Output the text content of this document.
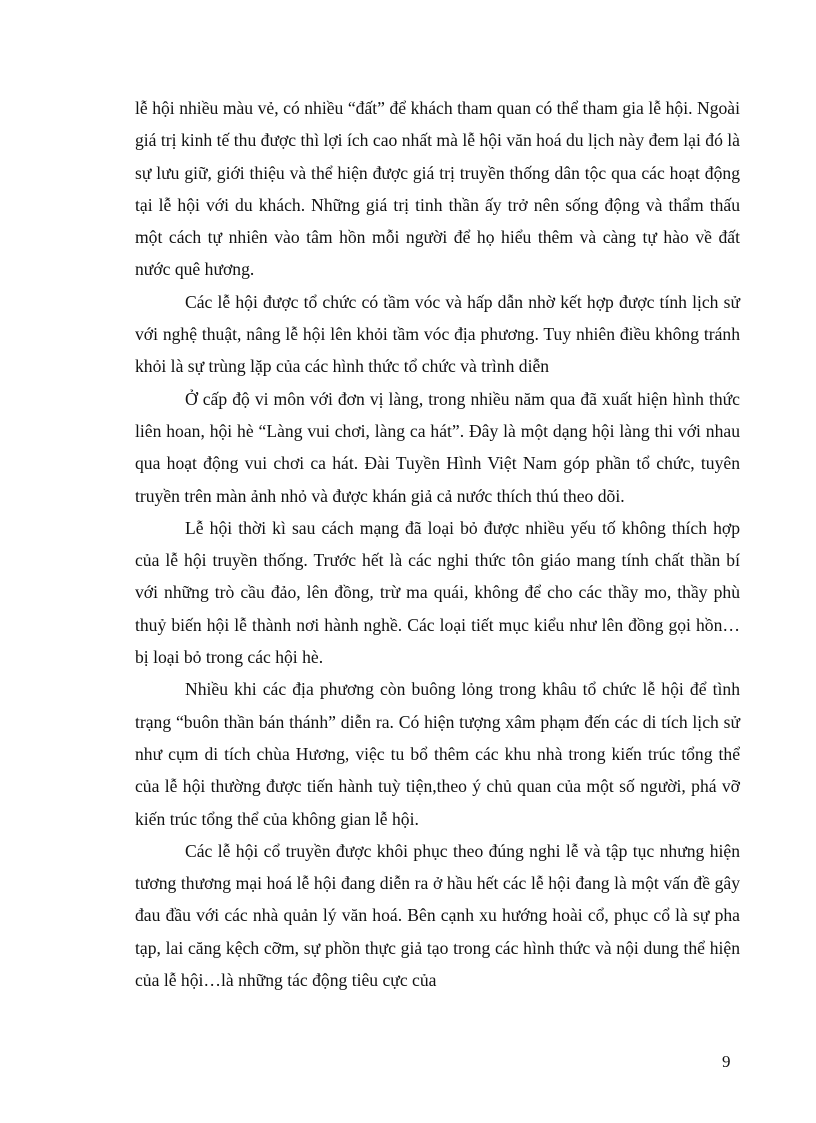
lễ hội nhiều màu vẻ, có nhiều “đất” để khách tham quan có thể tham gia lễ hội. Ngoài giá trị kinh tế thu được thì lợi ích cao nhất mà lễ hội văn hoá du lịch này đem lại đó là sự lưu giữ, giới thiệu và thể hiện được giá trị truyền thống dân tộc qua các hoạt động tại lễ hội với du khách. Những giá trị tinh thần ấy trở nên sống động và thẩm thấu một cách tự nhiên vào tâm hồn mỗi người để họ hiểu thêm và càng tự hào về đất nước quê hương.

Các lễ hội được tổ chức có tầm vóc và hấp dẫn nhờ kết hợp được tính lịch sử với nghệ thuật, nâng lễ hội lên khỏi tầm vóc địa phương. Tuy nhiên điều không tránh khỏi là sự trùng lặp của các hình thức tổ chức và trình diễn

Ở cấp độ vi môn với đơn vị làng, trong nhiều năm qua đã xuất hiện hình thức liên hoan, hội hè “Làng vui chơi, làng ca hát”. Đây là một dạng hội làng thi với nhau qua hoạt động vui chơi ca hát. Đài Tuyền Hình Việt Nam góp phần tổ chức, tuyên truyền trên màn ảnh nhỏ và được khán giả cả nước thích thú theo dõi.

Lễ hội thời kì sau cách mạng đã loại bỏ được nhiều yếu tố không thích hợp của lễ hội truyền thống. Trước hết là các nghi thức tôn giáo mang tính chất thần bí với những trò cầu đảo, lên đồng, trừ ma quái, không để cho các thầy mo, thầy phù thuỷ biến hội lễ thành nơi hành nghề. Các loại tiết mục kiểu như lên đồng gọi hồn…bị loại bỏ trong các hội hè.

Nhiều khi các địa phương còn buông lỏng trong khâu tổ chức lễ hội để tình trạng “buôn thần bán thánh” diễn ra. Có hiện tượng xâm phạm đến các di tích lịch sử như cụm di tích chùa Hương, việc tu bổ thêm các khu nhà trong kiến trúc tổng thể của lễ hội thường được tiến hành tuỳ tiện,theo ý chủ quan của một số người, phá vỡ kiến trúc tổng thể của không gian lễ hội.

Các lễ hội cổ truyền được khôi phục theo đúng nghi lễ và tập tục nhưng hiện tương thương mại hoá lễ hội đang diễn ra ở hầu hết các lễ hội đang là một vấn đề gây đau đầu với các nhà quản lý văn hoá. Bên cạnh xu hướng hoài cổ, phục cổ là sự pha tạp, lai căng kệch cỡm, sự phồn thực giả tạo trong các hình thức và nội dung thể hiện của lễ hội…là những tác động tiêu cực của

9
